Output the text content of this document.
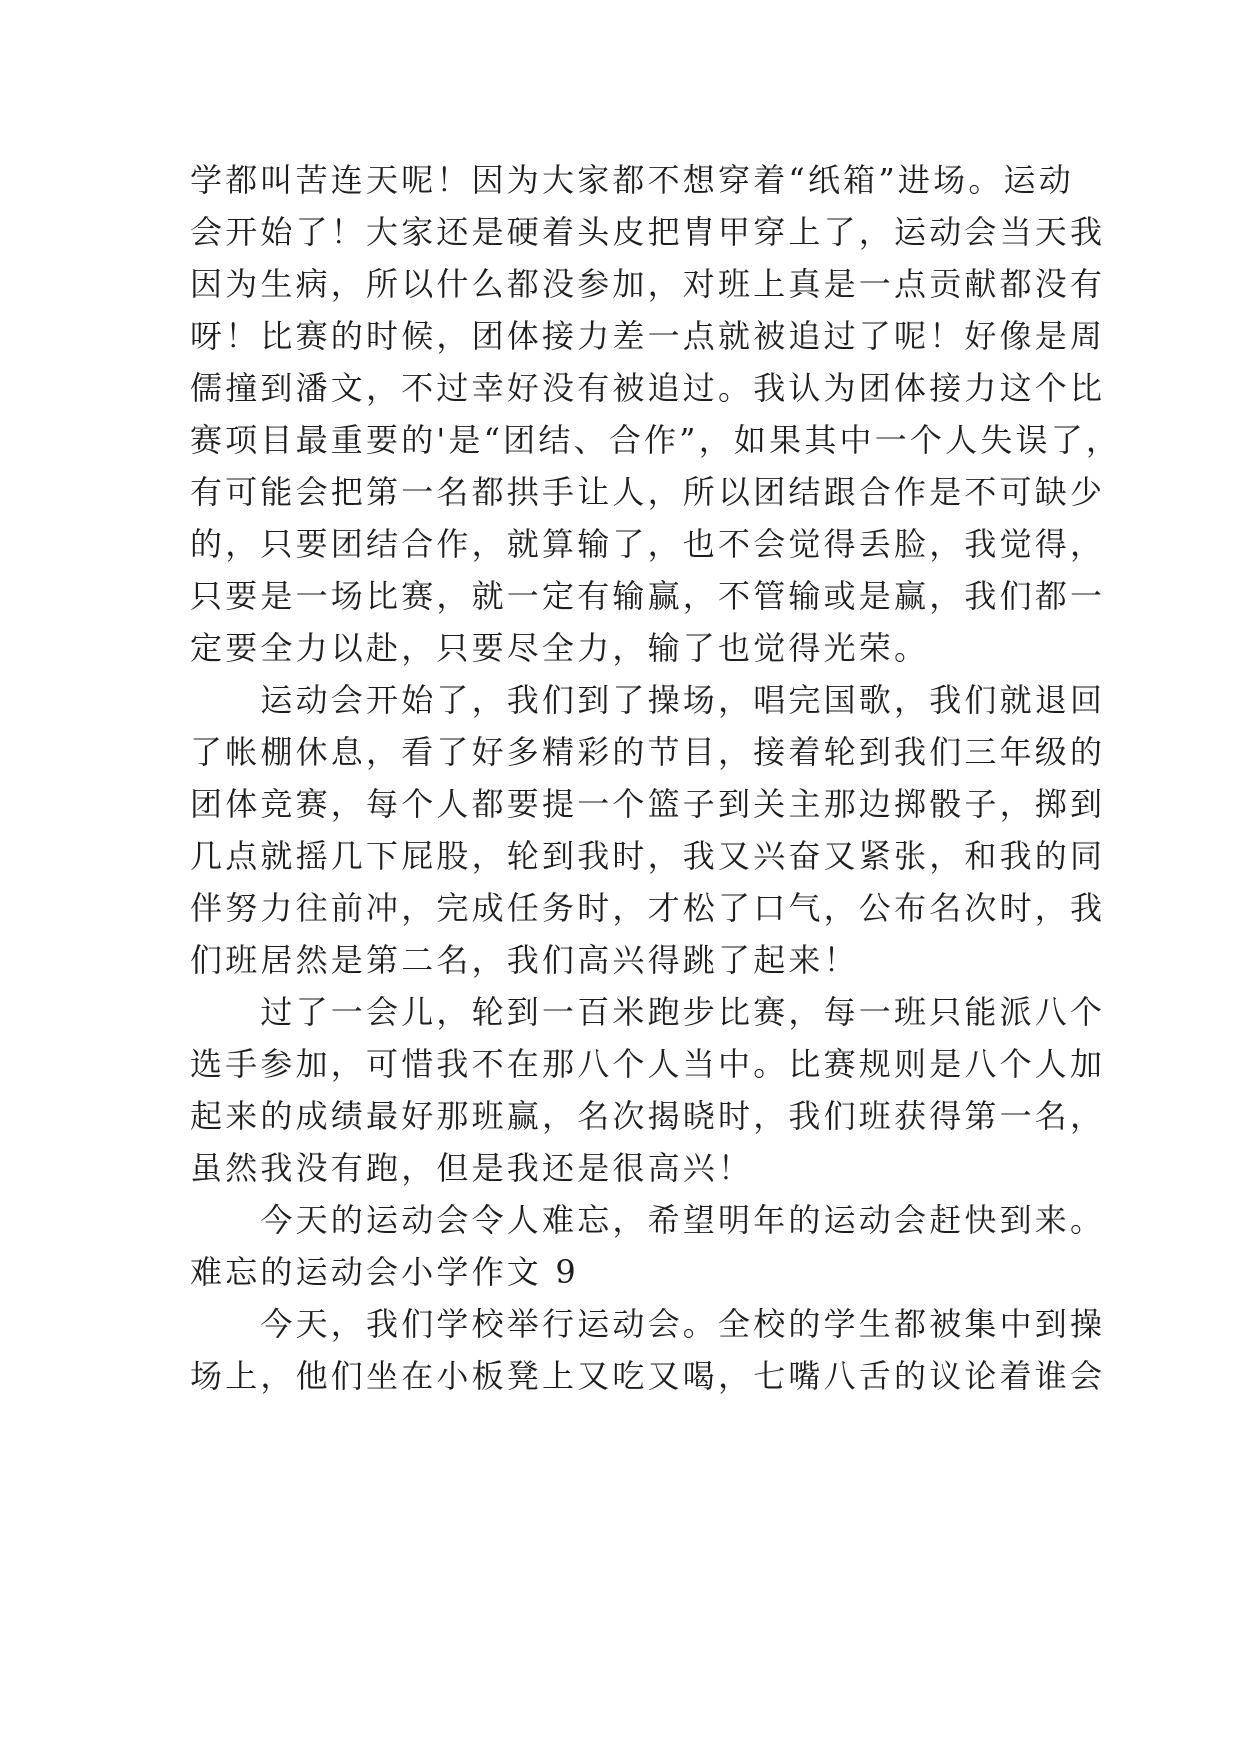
学都叫苦连天呢！因为大家都不想穿着“纸箱”进场。运动
会开始了！大家还是硬着头皮把胄甲穿上了，运动会当天我
因为生病，所以什么都没参加，对班上真是一点贡献都没有
呀！比赛的时候，团体接力差一点就被追过了呢！好像是周
儒撞到潘文，不过幸好没有被追过。我认为团体接力这个比
赛项目最重要的'是“团结、合作”，如果其中一个人失误了，
有可能会把第一名都拱手让人，所以团结跟合作是不可缺少
的，只要团结合作，就算输了，也不会觉得丢脸，我觉得，
只要是一场比赛，就一定有输赢，不管输或是赢，我们都一
定要全力以赴，只要尽全力，输了也觉得光荣。
　　运动会开始了，我们到了操场，唱完国歌，我们就退回
了帐棚休息，看了好多精彩的节目，接着轮到我们三年级的
团体竞赛，每个人都要提一个篮子到关主那边掷骰子，掷到
几点就摇几下屁股，轮到我时，我又兴奋又紧张，和我的同
伴努力往前冲，完成任务时，才松了口气，公布名次时，我
们班居然是第二名，我们高兴得跳了起来！
　　过了一会儿，轮到一百米跑步比赛，每一班只能派八个
选手参加，可惜我不在那八个人当中。比赛规则是八个人加
起来的成绩最好那班赢，名次揭晓时，我们班获得第一名，
虽然我没有跑，但是我还是很高兴！
　　今天的运动会令人难忘，希望明年的运动会赶快到来。
难忘的运动会小学作文 9
　　今天，我们学校举行运动会。全校的学生都被集中到操
场上，他们坐在小板凳上又吃又喝，七嘴八舌的议论着谁会
